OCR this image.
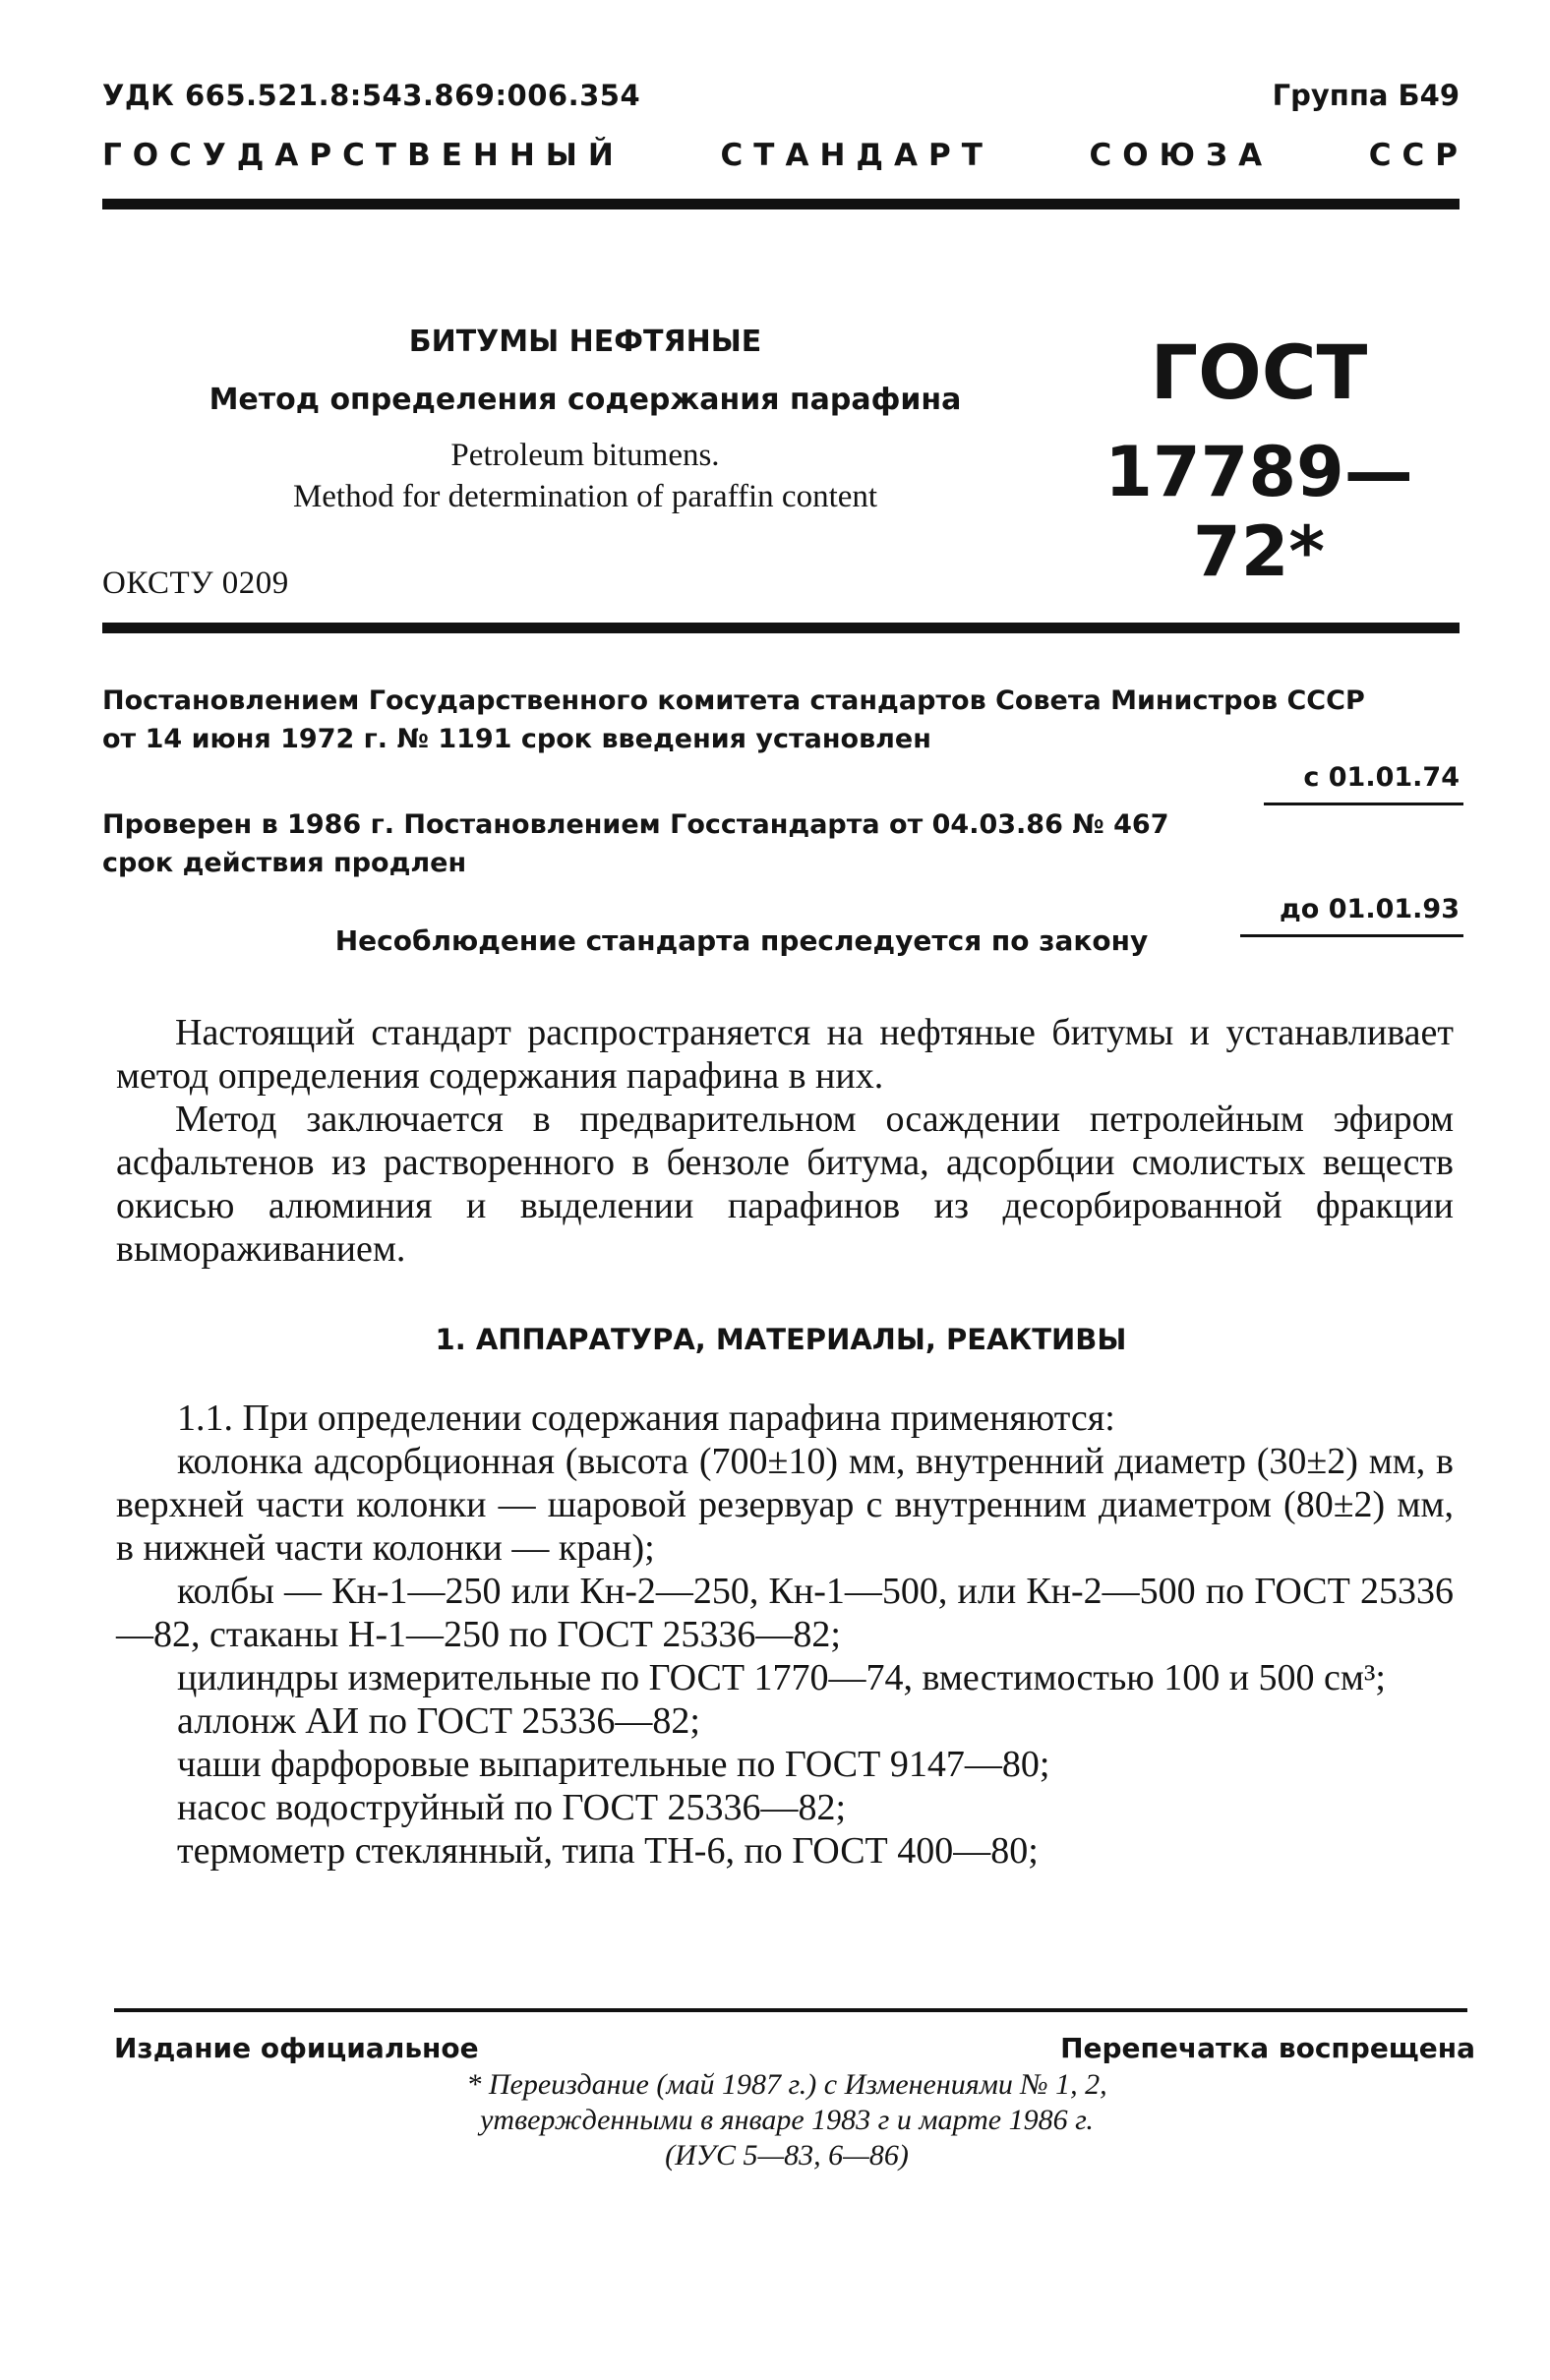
УДК 665.521.8:543.869:006.354	Группа Б49
Г О С У Д А Р С Т В Е Н Н Ы Й	С Т А Н Д А Р Т	С О Ю З А	С С Р
БИТУМЫ НЕФТЯНЫЕ
Метод определения содержания парафина
Petroleum bitumens.
Method for determination of paraffin content
ГОСТ
17789—72*
ОКСТУ 0209
Постановлением Государственного комитета стандартов Совета Министров СССР
от 14 июня 1972 г. № 1191 срок введения установлен
с 01.01.74
Проверен в 1986 г. Постановлением Госстандарта от 04.03.86 № 467
срок действия продлен
до 01.01.93
Несоблюдение стандарта преследуется по закону

Настоящий стандарт распространяется на нефтяные битумы и устанавливает метод определения содержания парафина в них.

Метод заключается в предварительном осаждении петролейным эфиром асфальтенов из растворенного в бензоле битума, адсорбции смолистых веществ окисью алюминия и выделении парафинов из десорбированной фракции вымораживанием.

1. АППАРАТУРА, МАТЕРИАЛЫ, РЕАКТИВЫ

1.1. При определении содержания парафина применяются:

колонка адсорбционная (высота (700±10) мм, внутренний диаметр (30±2) мм, в верхней части колонки — шаровой резервуар с внутренним диаметром (80±2) мм, в нижней части колонки — кран);

колбы — Кн-1—250 или Кн-2—250, Кн-1—500, или Кн-2—500 по ГОСТ 25336—82, стаканы Н-1—250 по ГОСТ 25336—82;

цилиндры измерительные по ГОСТ 1770—74, вместимостью 100 и 500 см³;

аллонж АИ по ГОСТ 25336—82;

чаши фарфоровые выпарительные по ГОСТ 9147—80;

насос водоструйный по ГОСТ 25336—82;

термометр стеклянный, типа ТН-6, по ГОСТ 400—80;

Издание официальное	Перепечатка воспрещена
* Переиздание (май 1987 г.) с Изменениями № 1, 2,
утвержденными в январе 1983 г и марте 1986 г.
(ИУС 5—83, 6—86)
